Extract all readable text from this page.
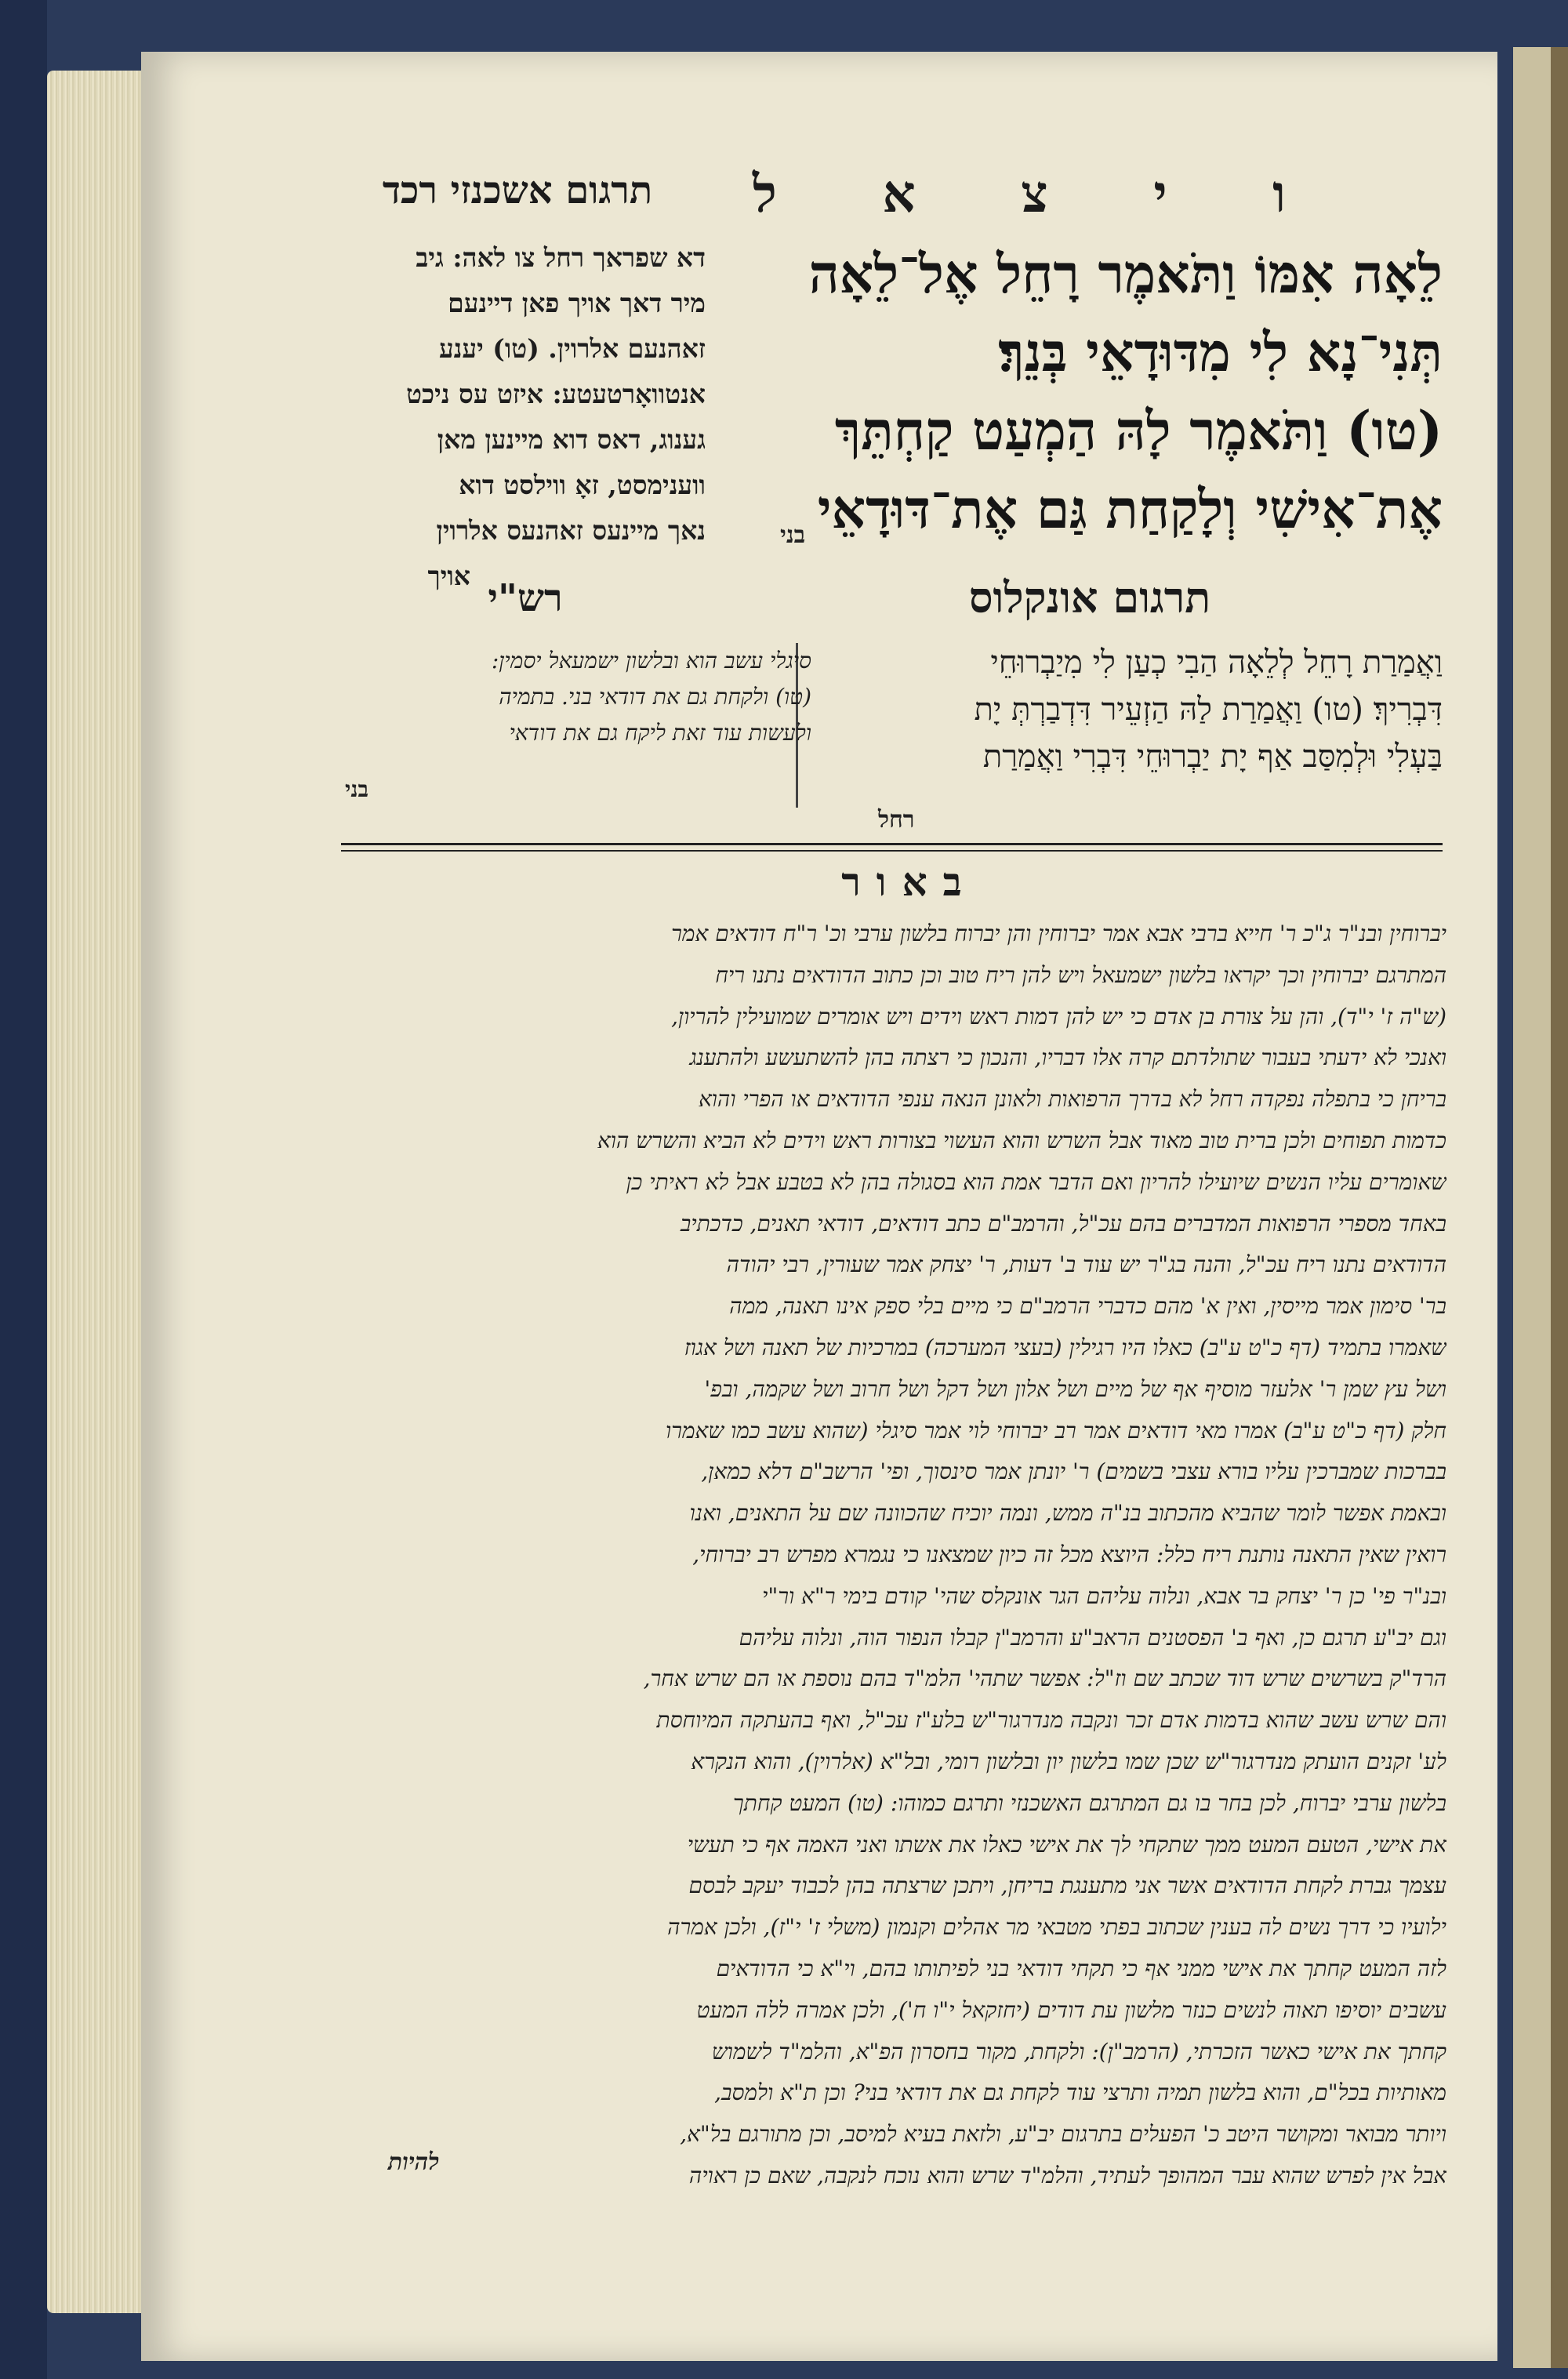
ו
י
צ
א
ל
תרגום אשכנזי רכד
לֵאָה אִמּוֹ וַתֹּאמֶר רָחֵל אֶל־לֵאָה
תְּנִי־נָא לִי מִדּוּדָאֵי בְּנֵךְ׃
(טו) וַתֹּאמֶר לָהּ הַמְעַט קַחְתֵּךְ
אֶת־אִישִׁי וְלָקַחַת גַּם אֶת־דּוּדָאֵי
בני
דא שפראך רחל צו לאה: גיב
מיר דאך אויך פאן דיינעם
זאהנעם אלרוין. (טו) יענע
אנטוואָרטעטע: איזט עס ניכט
גענוג, דאס דוא מיינען מאן
ווענימסט, זאָ ווילסט דוא
נאך מיינעס זאהנעס אלרוין
אויך	תרגום אונקלוס
רש"י
וַאֲמַרַת רָחֵל לְלֵאָה הַבִי כְעַן לִי מִיַבְרוּחֵי
דִּבְרִיךְ׃ (טו) וַאֲמַרַת לַהּ הַזְעֵיר דִּדְבַרְתְּ יָת
בַּעְלִי וּלְמִסַּב אַף יָת יַבְרוּחֵי דִּבְרִי וַאֲמַרַת
רחל
סיגלי עשב הוא ובלשון ישמעאל יסמין:
(טו) ולקחת גם את דודאי בני. בתמיה
ולעשות עוד זאת ליקח גם את דודאי
בני
באור
יברוחין ובנ"ר ג"כ ר' חייא ברבי אבא אמר יברוחין והן יברוח בלשון ערבי וכ' ר"ח דודאים אמר
המתרגם יברוחין וכך יקראו בלשון ישמעאל ויש להן ריח טוב וכן כתוב הדודאים נתנו ריח
(ש"ה ז' י"ד), והן על צורת בן אדם כי יש להן דמות ראש וידים ויש אומרים שמועילין להריון,
ואנכי לא ידעתי בעבור שתולדתם קרה אלו דבריו, והנכון כי רצתה בהן להשתעשע ולהתענג
בריחן כי בתפלה נפקדה רחל לא בדרך הרפואות ולאונן הנאה ענפי הדודאים או הפרי והוא
כדמות תפוחים ולכן ברית טוב מאוד אבל השרש והוא העשוי בצורות ראש וידים לא הביא והשרש הוא
שאומרים עליו הנשים שיועילו להריון ואם הדבר אמת הוא בסגולה בהן לא בטבע אבל לא ראיתי כן
באחד מספרי הרפואות המדברים בהם עכ"ל, והרמב"ם כתב דודאים, דודאי תאנים, כדכתיב
הדודאים נתנו ריח עכ"ל, והנה בג"ר יש עוד ב' דעות, ר' יצחק אמר שעורין, רבי יהודה
בר' סימון אמר מייסין, ואין א' מהם כדברי הרמב"ם כי מיים בלי ספק אינו תאנה, ממה
שאמרו בתמיד (דף כ"ט ע"ב) כאלו היו רגילין (בעצי המערכה) במרכיות של תאנה ושל אגוז
ושל עץ שמן ר' אלעזר מוסיף אף של מיים ושל אלון ושל דקל ושל חרוב ושל שקמה, ובפ'
חלק (דף כ"ט ע"ב) אמרו מאי דודאים אמר רב יברוחי לוי אמר סיגלי (שהוא עשב כמו שאמרו
בברכות שמברכין עליו בורא עצבי בשמים) ר' יונתן אמר סינסוך, ופי' הרשב"ם דלא כמאן,
ובאמת אפשר לומר שהביא מהכתוב בנ"ה ממש, ונמה יוכיח שהכוונה שם על התאנים, ואנו
רואין שאין התאנה נותנת ריח כלל: היוצא מכל זה כיון שמצאנו כי נגמרא מפרש רב יברוחי,
ובנ"ר פי' כן ר' יצחק בר אבא, ונלוה עליהם הגר אונקלס שהי' קודם בימי ר"א ור"י
וגם יב"ע תרגם כן, ואף ב' הפסטנים הראב"ע והרמב"ן קבלו הנפור הוה, ונלוה עליהם
הרד"ק בשרשים שרש דוד שכתב שם וז"ל: אפשר שתהי' הלמ"ד בהם נוספת או הם שרש אחר,
והם שרש עשב שהוא בדמות אדם זכר ונקבה מנדרגור"ש בלע"ז עכ"ל, ואף בהעתקה המיוחסת
לע' זקנים הועתק מנדרגור"ש שכן שמו בלשון יון ובלשון רומי, ובל"א (אלרוין), והוא הנקרא
בלשון ערבי יברוח, לכן בחר בו גם המתרגם האשכנזי ותרגם כמוהו: (טו) המעט קחתך
את אישי, הטעם המעט ממך שתקחי לך את אישי כאלו את אשתו ואני האמה אף כי תעשי
עצמך גברת לקחת הדודאים אשר אני מתענגת בריחן, ויתכן שרצתה בהן לכבוד יעקב לבסם
ילועיו כי דרך נשים לה בענין שכתוב בפתי מטבאי מר אהלים וקנמון (משלי ז' י"ז), ולכן אמרה
לזה המעט קחתך את אישי ממני אף כי תקחי דודאי בני לפיתותו בהם, וי"א כי הדודאים
עשבים יוסיפו תאוה לנשים כנזר מלשון עת דודים (יחזקאל י"ו ח'), ולכן אמרה ללה המעט
קחתך את אישי כאשר הזכרתי, (הרמב"ן): ולקחת, מקור בחסרון הפ"א, והלמ"ד לשמוש
מאותיות בכל"ם, והוא בלשון תמיה ותרצי עוד לקחת גם את דודאי בני? וכן ת"א ולמסב,
ויותר מבואר ומקושר היטב כ' הפעלים בתרגום יב"ע, ולזאת בעיא למיסב, וכן מתורגם בל"א,
אבל אין לפרש שהוא עבר המהופך לעתיד, והלמ"ד שרש והוא נוכח לנקבה, שאם כן ראויה
להיות
